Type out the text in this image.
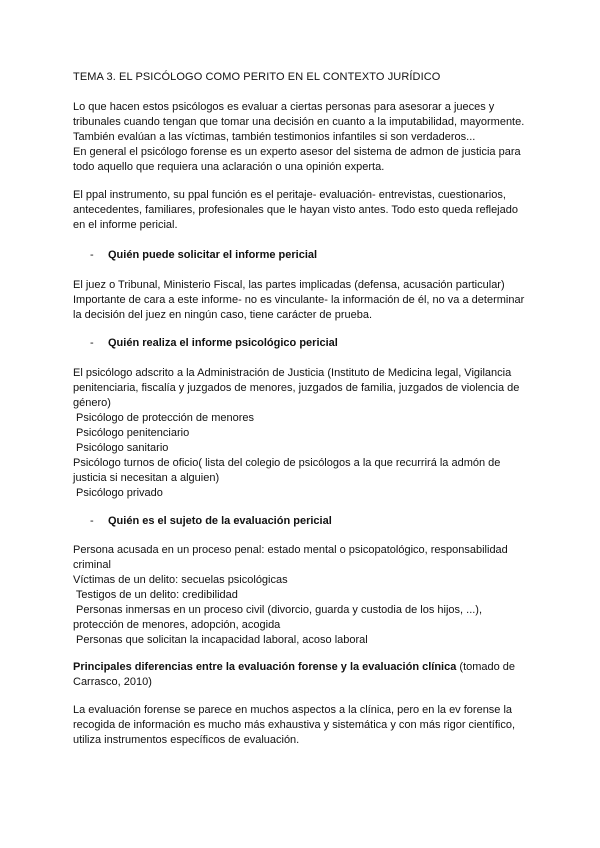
TEMA 3. EL PSICÓLOGO COMO PERITO EN EL CONTEXTO JURÍDICO
Lo que hacen estos psicólogos es evaluar a ciertas personas para asesorar a jueces y
tribunales cuando tengan que tomar una decisión en cuanto a la imputabilidad, mayormente.
También evalúan a las víctimas, también testimonios infantiles si son verdaderos...
En general el psicólogo forense es un experto asesor del sistema de admon de justicia para
todo aquello que requiera una aclaración o una opinión experta.
El ppal instrumento, su ppal función es el peritaje- evaluación- entrevistas, cuestionarios,
antecedentes, familiares, profesionales que le hayan visto antes. Todo esto queda reflejado
en el informe pericial.
- Quién puede solicitar el informe pericial
El juez o Tribunal, Ministerio Fiscal, las partes implicadas (defensa, acusación particular)
Importante de cara a este informe- no es vinculante- la información de él, no va a determinar
la decisión del juez en ningún caso, tiene carácter de prueba.
- Quién realiza el informe psicológico pericial
El psicólogo adscrito a la Administración de Justicia (Instituto de Medicina legal, Vigilancia
penitenciaria, fiscalía y juzgados de menores, juzgados de familia, juzgados de violencia de
género)
Psicólogo de protección de menores
Psicólogo penitenciario
Psicólogo sanitario
Psicólogo turnos de oficio( lista del colegio de psicólogos a la que recurrirá la admón de
justicia si necesitan a alguien)
Psicólogo privado
- Quién es el sujeto de la evaluación pericial
Persona acusada en un proceso penal: estado mental o psicopatológico, responsabilidad
criminal
Víctimas de un delito: secuelas psicológicas
Testigos de un delito: credibilidad
Personas inmersas en un proceso civil (divorcio, guarda y custodia de los hijos, ...),
protección de menores, adopción, acogida
Personas que solicitan la incapacidad laboral, acoso laboral
Principales diferencias entre la evaluación forense y la evaluación clínica (tomado de
Carrasco, 2010)
La evaluación forense se parece en muchos aspectos a la clínica, pero en la ev forense la
recogida de información es mucho más exhaustiva y sistemática y con más rigor científico,
utiliza instrumentos específicos de evaluación.
